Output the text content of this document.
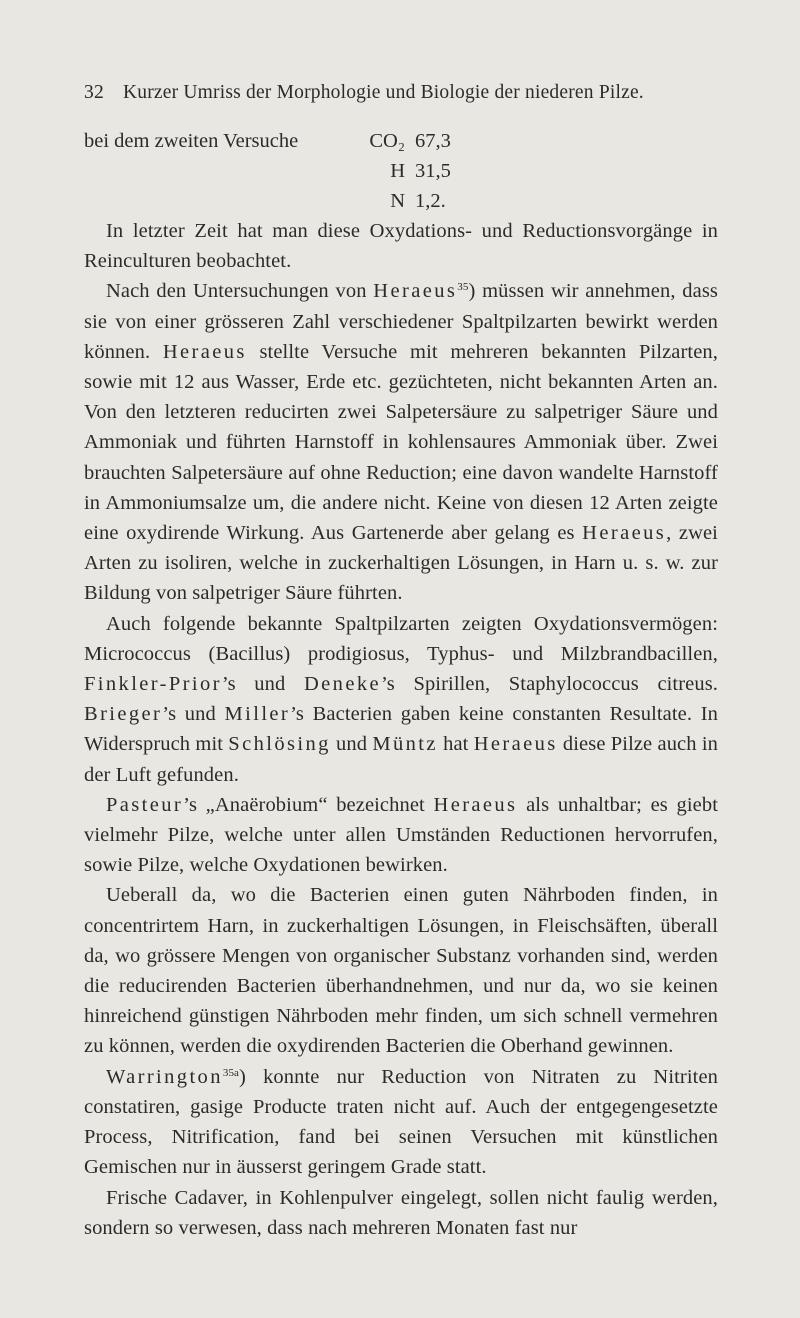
32 Kurzer Umriss der Morphologie und Biologie der niederen Pilze.
bei dem zweiten Versuche	CO₂ 67,3
H 31,5
N 1,2.

In letzter Zeit hat man diese Oxydations- und Reductionsvorgänge in Reinculturen beobachtet.

Nach den Untersuchungen von Heraeus$^{35}$) müssen wir annehmen, dass sie von einer grösseren Zahl verschiedener Spaltpilzarten bewirkt werden können. Heraeus stellte Versuche mit mehreren bekannten Pilzarten, sowie mit 12 aus Wasser, Erde etc. gezüchteten, nicht bekannten Arten an. Von den letzteren reducirten zwei Salpetersäure zu salpetriger Säure und Ammoniak und führten Harnstoff in kohlensaures Ammoniak über. Zwei brauchten Salpetersäure auf ohne Reduction; eine davon wandelte Harnstoff in Ammoniumsalze um, die andere nicht. Keine von diesen 12 Arten zeigte eine oxydirende Wirkung. Aus Gartenerde aber gelang es Heraeus, zwei Arten zu isoliren, welche in zuckerhaltigen Lösungen, in Harn u. s. w. zur Bildung von salpetriger Säure führten.

Auch folgende bekannte Spaltpilzarten zeigten Oxydationsvermögen: Micrococcus (Bacillus) prodigiosus, Typhus- und Milzbrandbacillen, Finkler-Prior’s und Deneke’s Spirillen, Staphylococcus citreus. Brieger’s und Miller’s Bacterien gaben keine constanten Resultate. In Widerspruch mit Schlösing und Müntz hat Heraeus diese Pilze auch in der Luft gefunden.

Pasteur’s „Anaërobium“ bezeichnet Heraeus als unhaltbar; es giebt vielmehr Pilze, welche unter allen Umständen Reductionen hervorrufen, sowie Pilze, welche Oxydationen bewirken.

Ueberall da, wo die Bacterien einen guten Nährboden finden, in concentrirtem Harn, in zuckerhaltigen Lösungen, in Fleischsäften, überall da, wo grössere Mengen von organischer Substanz vorhanden sind, werden die reducirenden Bacterien überhandnehmen, und nur da, wo sie keinen hinreichend günstigen Nährboden mehr finden, um sich schnell vermehren zu können, werden die oxydirenden Bacterien die Oberhand gewinnen.

Warrington$^{35a}$) konnte nur Reduction von Nitraten zu Nitriten constatiren, gasige Producte traten nicht auf. Auch der entgegengesetzte Process, Nitrification, fand bei seinen Versuchen mit künstlichen Gemischen nur in äusserst geringem Grade statt.

Frische Cadaver, in Kohlenpulver eingelegt, sollen nicht faulig werden, sondern so verwesen, dass nach mehreren Monaten fast nur
